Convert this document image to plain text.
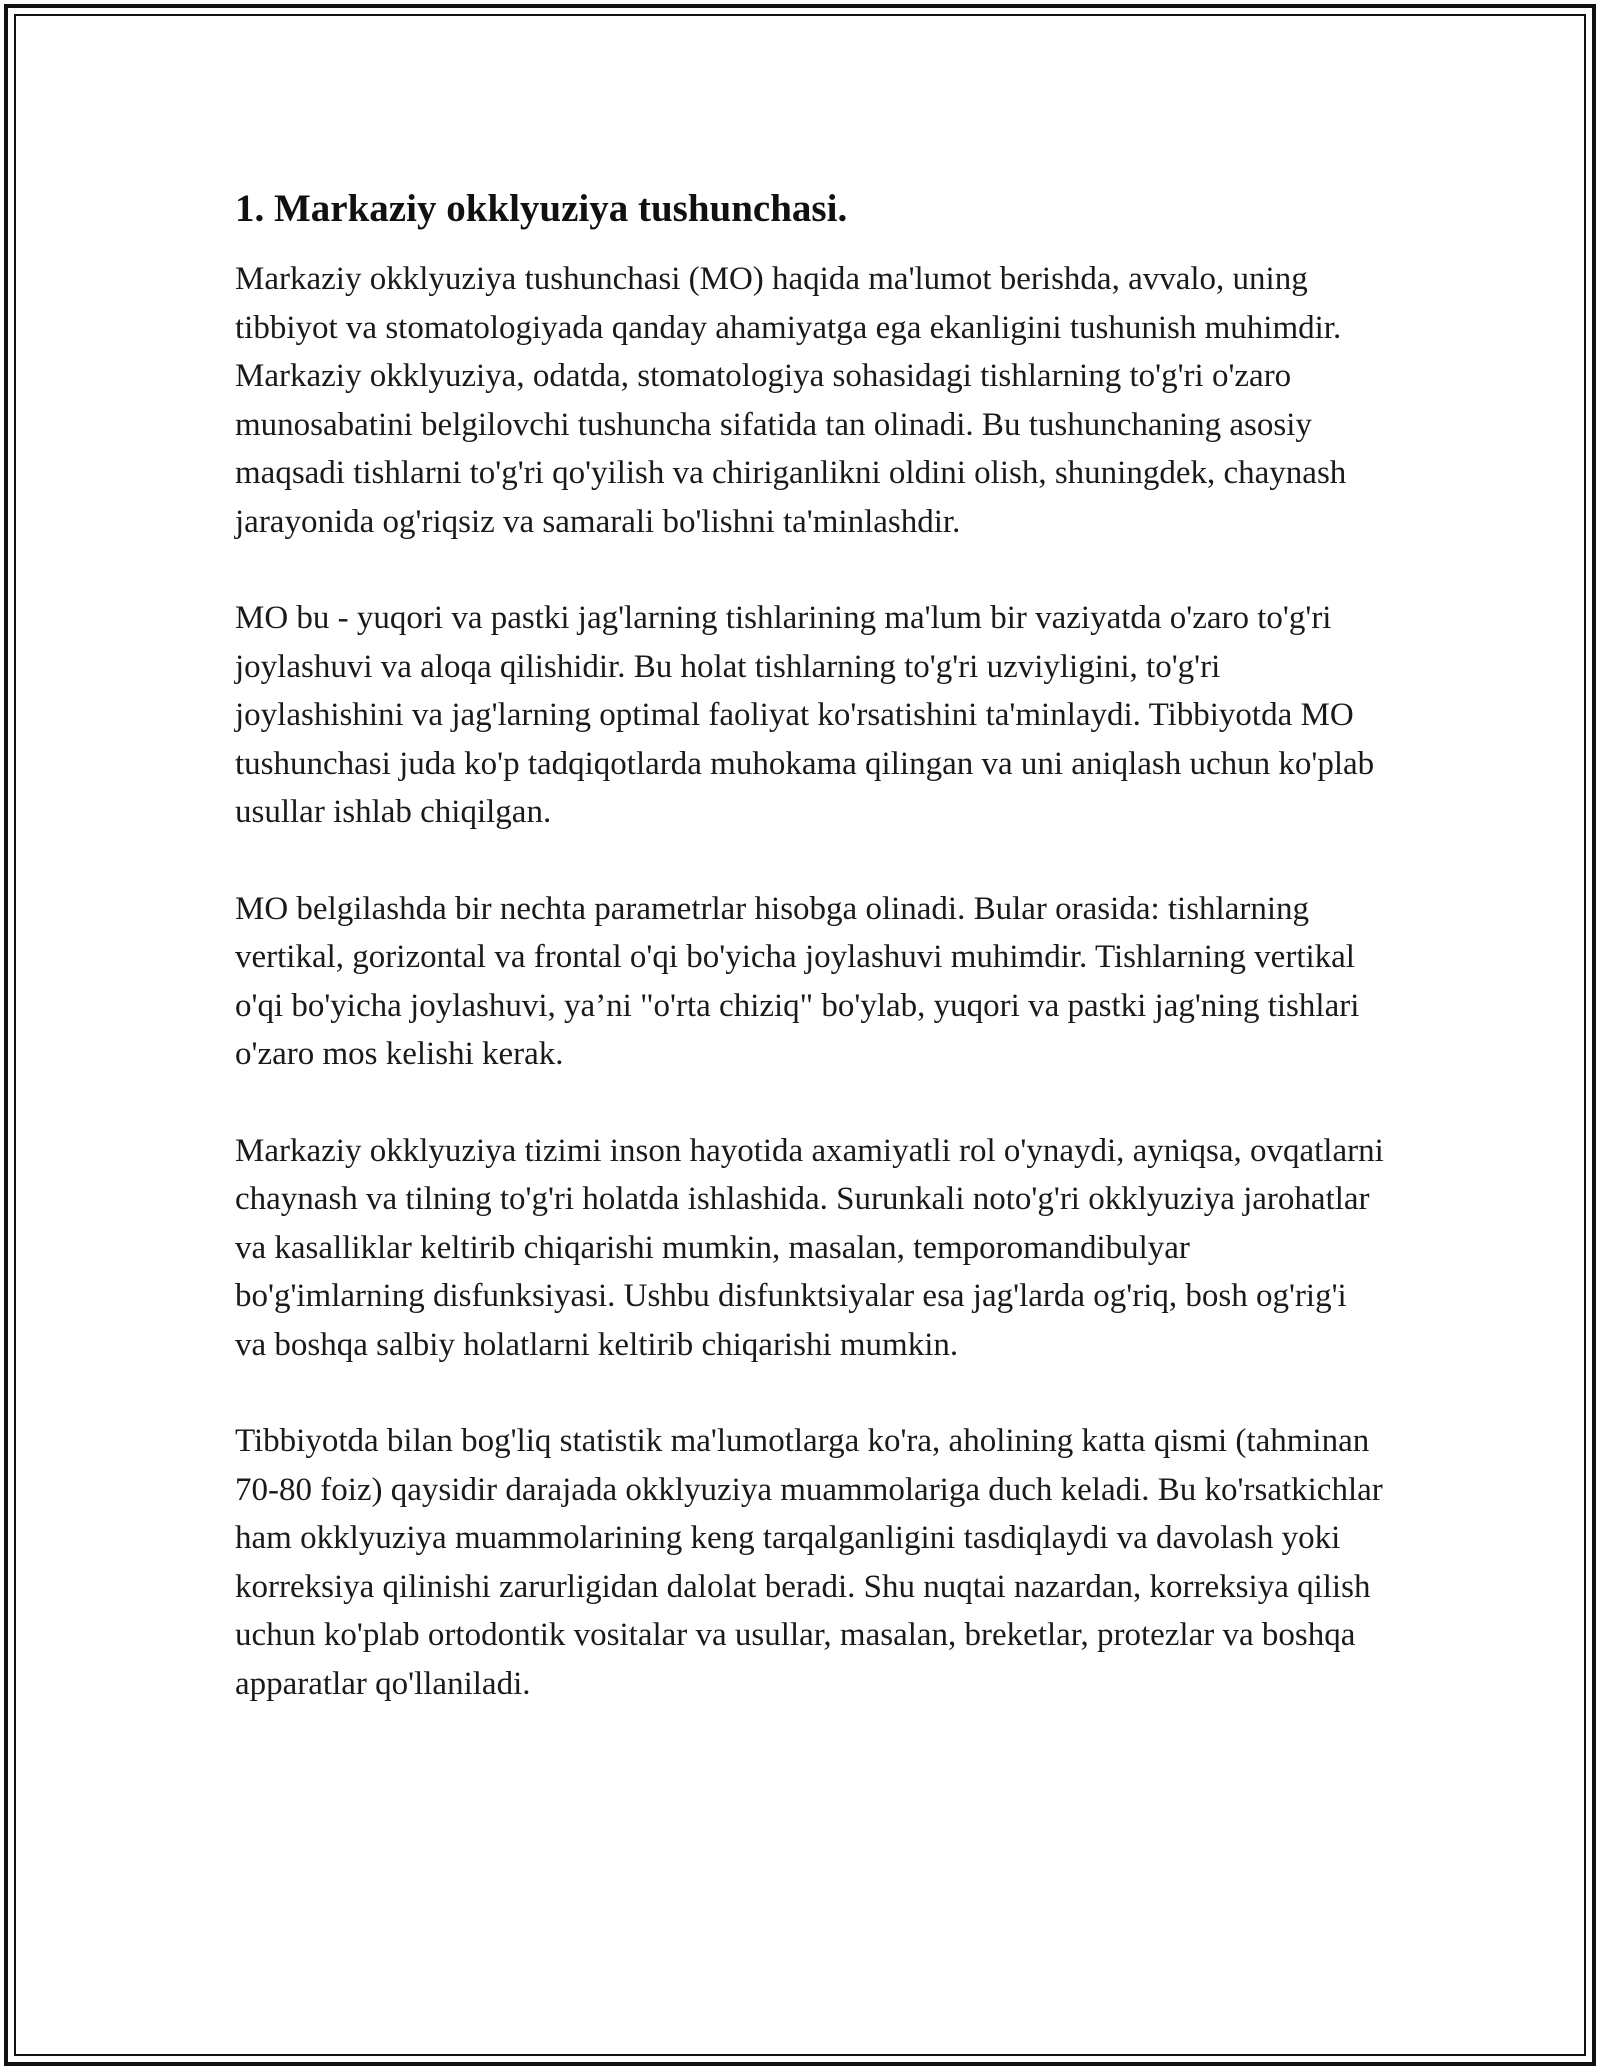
1. Markaziy okklyuziya tushunchasi.

Markaziy okklyuziya tushunchasi (MO) haqida ma'lumot berishda, avvalo, uning tibbiyot va stomatologiyada qanday ahamiyatga ega ekanligini tushunish muhimdir. Markaziy okklyuziya, odatda, stomatologiya sohasidagi tishlarning to'g'ri o'zaro munosabatini belgilovchi tushuncha sifatida tan olinadi. Bu tushunchaning asosiy maqsadi tishlarni to'g'ri qo'yilish va chiriganlikni oldini olish, shuningdek, chaynash jarayonida og'riqsiz va samarali bo'lishni ta'minlashdir.

MO bu - yuqori va pastki jag'larning tishlarining ma'lum bir vaziyatda o'zaro to'g'ri joylashuvi va aloqa qilishidir. Bu holat tishlarning to'g'ri uzviyligini, to'g'ri joylashishini va jag'larning optimal faoliyat ko'rsatishini ta'minlaydi. Tibbiyotda MO tushunchasi juda ko'p tadqiqotlarda muhokama qilingan va uni aniqlash uchun ko'plab usullar ishlab chiqilgan.

MO belgilashda bir nechta parametrlar hisobga olinadi. Bular orasida: tishlarning vertikal, gorizontal va frontal o'qi bo'yicha joylashuvi muhimdir. Tishlarning vertikal o'qi bo'yicha joylashuvi, ya’ni "o'rta chiziq" bo'ylab, yuqori va pastki jag'ning tishlari o'zaro mos kelishi kerak.

Markaziy okklyuziya tizimi inson hayotida axamiyatli rol o'ynaydi, ayniqsa, ovqatlarni chaynash va tilning to'g'ri holatda ishlashida. Surunkali noto'g'ri okklyuziya jarohatlar va kasalliklar keltirib chiqarishi mumkin, masalan, temporomandibulyar bo'g'imlarning disfunksiyasi. Ushbu disfunktsiyalar esa jag'larda og'riq, bosh og'rig'i va boshqa salbiy holatlarni keltirib chiqarishi mumkin.

Tibbiyotda bilan bog'liq statistik ma'lumotlarga ko'ra, aholining katta qismi (tahminan 70-80 foiz) qaysidir darajada okklyuziya muammolariga duch keladi. Bu ko'rsatkichlar ham okklyuziya muammolarining keng tarqalganligini tasdiqlaydi va davolash yoki korreksiya qilinishi zarurligidan dalolat beradi. Shu nuqtai nazardan, korreksiya qilish uchun ko'plab ortodontik vositalar va usullar, masalan, breketlar, protezlar va boshqa apparatlar qo'llaniladi.
